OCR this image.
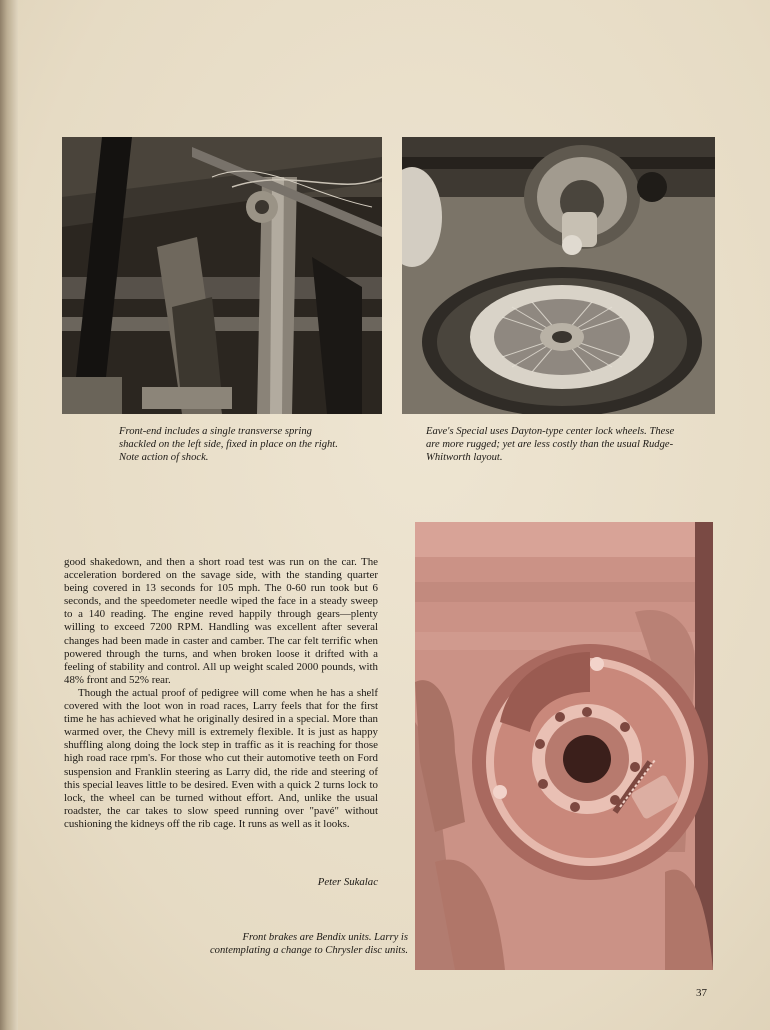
Front-end includes a single transverse spring shackled on the left side, fixed in place on the right. Note action of shock.

Eave's Special uses Dayton-type center lock wheels. These are more rugged; yet are less costly than the usual Rudge-Whitworth layout.

good shakedown, and then a short road test was run on the car. The acceleration bordered on the savage side, with the standing quarter being covered in 13 seconds for 105 mph. The 0-60 run took but 6 seconds, and the speedometer needle wiped the face in a steady sweep to a 140 reading. The engine reved happily through gears—plenty willing to exceed 7200 RPM. Handling was excellent after several changes had been made in caster and camber. The car felt terrific when powered through the turns, and when broken loose it drifted with a feeling of stability and control. All up weight scaled 2000 pounds, with 48% front and 52% rear.

Though the actual proof of pedigree will come when he has a shelf covered with the loot won in road races, Larry feels that for the first time he has achieved what he originally desired in a special. More than warmed over, the Chevy mill is extremely flexible. It is just as happy shuffling along doing the lock step in traffic as it is reaching for those high road race rpm's. For those who cut their automotive teeth on Ford suspension and Franklin steering as Larry did, the ride and steering of this special leaves little to be desired. Even with a quick 2 turns lock to lock, the wheel can be turned without effort. And, unlike the usual roadster, the car takes to slow speed running over "pavé" without cushioning the kidneys off the rib cage. It runs as well as it looks.

Peter Sukalac

Front brakes are Bendix units. Larry is contemplating a change to Chrysler disc units.

37
